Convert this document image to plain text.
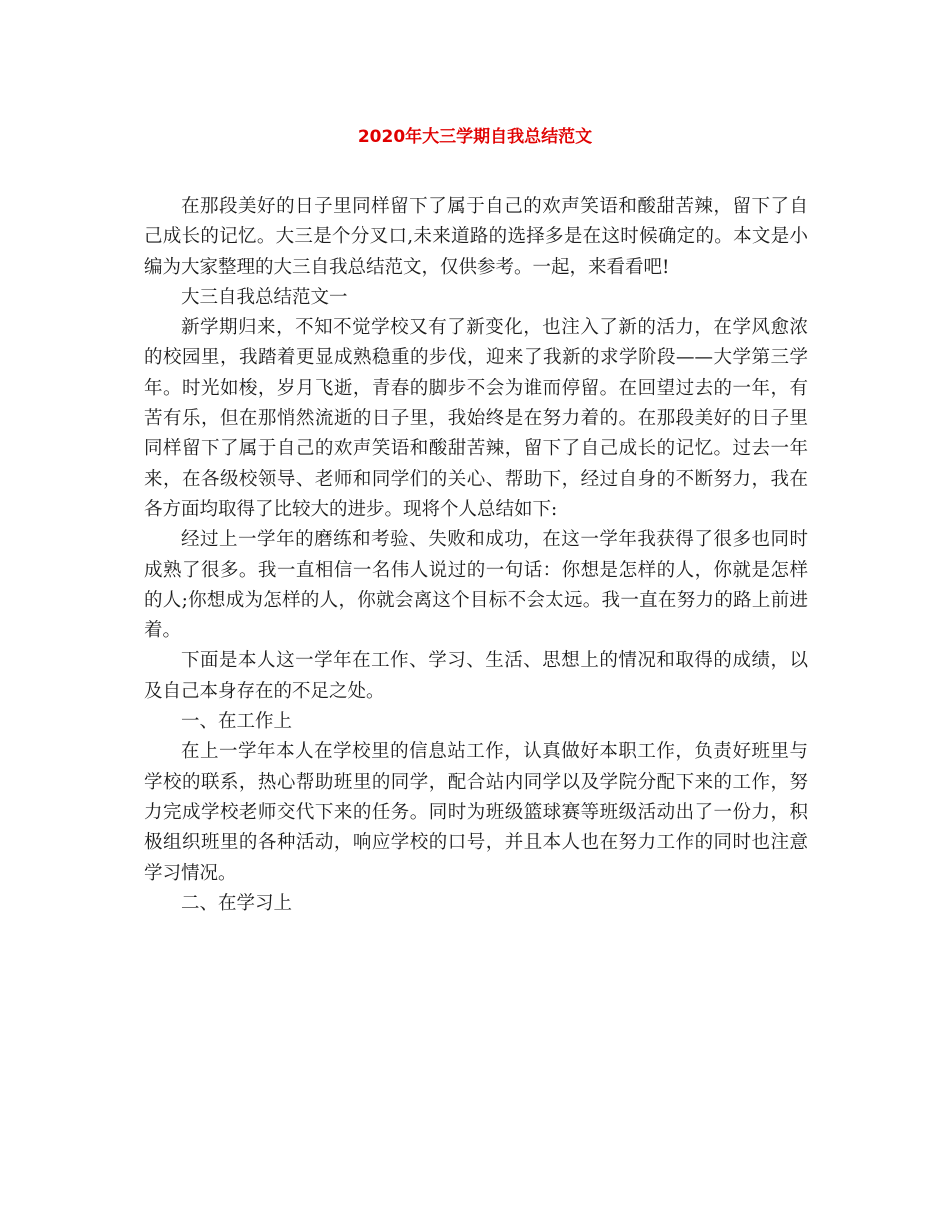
2020年大三学期自我总结范文

在那段美好的日子里同样留下了属于自己的欢声笑语和酸甜苦辣，留下了自己成长的记忆。大三是个分叉口,未来道路的选择多是在这时候确定的。本文是小编为大家整理的大三自我总结范文，仅供参考。一起，来看看吧!

大三自我总结范文一

新学期归来，不知不觉学校又有了新变化，也注入了新的活力，在学风愈浓的校园里，我踏着更显成熟稳重的步伐，迎来了我新的求学阶段——大学第三学年。时光如梭，岁月飞逝，青春的脚步不会为谁而停留。在回望过去的一年，有苦有乐，但在那悄然流逝的日子里，我始终是在努力着的。在那段美好的日子里同样留下了属于自己的欢声笑语和酸甜苦辣，留下了自己成长的记忆。过去一年来，在各级校领导、老师和同学们的关心、帮助下，经过自身的不断努力，我在各方面均取得了比较大的进步。现将个人总结如下:

经过上一学年的磨练和考验、失败和成功，在这一学年我获得了很多也同时成熟了很多。我一直相信一名伟人说过的一句话：你想是怎样的人，你就是怎样的人;你想成为怎样的人，你就会离这个目标不会太远。我一直在努力的路上前进着。

下面是本人这一学年在工作、学习、生活、思想上的情况和取得的成绩，以及自己本身存在的不足之处。

一、在工作上

在上一学年本人在学校里的信息站工作，认真做好本职工作，负责好班里与学校的联系，热心帮助班里的同学，配合站内同学以及学院分配下来的工作，努力完成学校老师交代下来的任务。同时为班级篮球赛等班级活动出了一份力，积极组织班里的各种活动，响应学校的口号，并且本人也在努力工作的同时也注意学习情况。

二、在学习上
